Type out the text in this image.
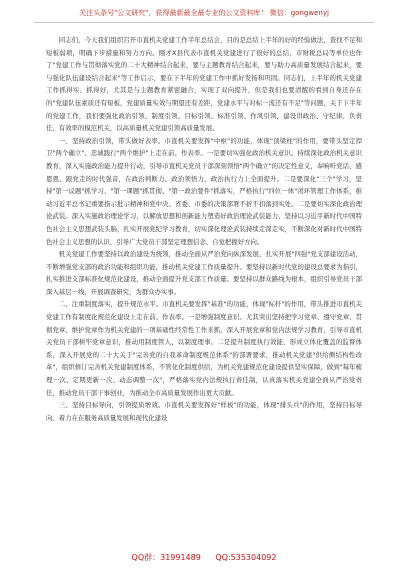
关注头条号"公文研究"，获得最新最全最专业的公文资料库！ 微信：gongwenyj

同志们，今天我们组织召开市直机关党建工作半年总结会，目的是总结上半年的好的经验做法，查找不足和短板弱项，明确下步措施和努力方向。刚才X县代表市直机关党建进行了很好的总结，市财税总局等单位也作了"党建工作与贯彻落实党的二十大精神结合起来，要与主题教育结合起来，要与助力高质量发展结合起来，要与强化队伍建设结合起来"等工作启示，要在下半年的党建工作中抓好发扬和巩固。同志们，上半年的机关党建工作抓得实、抓得好，尤其是与主题教育紧密融合，实现了双向提升，但是我们也要清醒的看到自身还存在的"党建队伍素质还有短板，党建质量实效与期望还有差距，党建水平与对标一流还有不足"等问题，关于下半年的党建工作，我们要强化政治引领、制度引领、目标引领、标准引领、作风引领，建设讲政治、守纪律、负责任、有效率的模范机关，以高质量机关党建引领高质量发展。

一、坚持政治引领，带头做好表率。市直机关要发挥"中枢"的功能，体现"顶梁柱"的作用，要带头坚定捍卫"两个确立"、忠诚践行"两个维护"上走在前、作表率。一是要切实强化政治机关意识。持续深化政治机关意识教育，深入实施政治能力提升行动，引导市直机关党员干部深刻领悟"两个确立"的决定性意义，奉响听党话、感恩恩、跟党走的时代强音，在政治判断力、政治领悟力、政治执行力上全面提升。二是要深化"三个"学习，坚持"第一议题"抓学习、"第一课题"抓贯彻、"第一政治要件"抓落实，严格执行"四位一体"闭环管理工作体系，推动习近平总书记重要指示批示精神和党中央、省委、市委的决策部署不折不扣落到实处。二是要切实深化政治理论武装。深入实施政治理论学习，以解放思想和创新能力塑造好政治理论武装能力，坚持以习近平新时代中国特色社会主义思想武装头脑，扎实开展党纪学习教育，切实深化理论武装持续走深走实，不断深化对新时代中国特色社会主义思想的认识，引导广大党员干部坚定理想信念、自觉把握好方向。

机关党建工作要坚持以政治建设为统领，推动全面从严治党向纵深发展，扎实开展"四强"党支部建设活动，不断增强党支部的政治功能和组织功能，推动机关党建工作质量提升。要坚持以新时代党的建设总要求为指引，扎实推进支部标准化规范化建设，推动全面提升党支部工作质量。要坚持以群众路线为根本，组织引导党员干部深入基层一线，开展调查研究，为群众办实事。

二、注重制度落实，提升规范水平。市直机关要发挥"基准"的功能，体现"标杆"的作用，带头推进市直机关党建工作有制度化规范化建设上走在前、作表率。一是增强制度意识。尤其突出坚持把学习党章、遵守党章、贯彻党章、维护党章作为机关党建的一项基础性经常性工作来抓，深入开展党章和党内法规学习教育，引导市直机关党员干部树牢党章意识，推动用制度管人、以制度理事。二是提升制度执行效能，形成立体化覆盖的监督体系，深入开展党的二十大关于"完善党的自我革命制度规范体系"的部署要求，推动机关党建"供给侧结构性改革"，组织修订完善机关党建制度体系，不管化化制度供给，为机关党建规范化建设提供坚实保障，做到"每年梳理一次、定期更新一次、动态调整一次"，严格落实党内法规执行责任制，认真落实机关党建全面从严治党责任，推动党员干部干事创业，为推动全市高质量发展作出更大贡献。

三、坚持目标导向，引领提质增效。市直机关要发挥好"样板"的功能，体现"排头兵"的作用，坚持目标导向、着力在在服务高质量发展和现代化建设

QQ群：31991489 QQ:535304092
